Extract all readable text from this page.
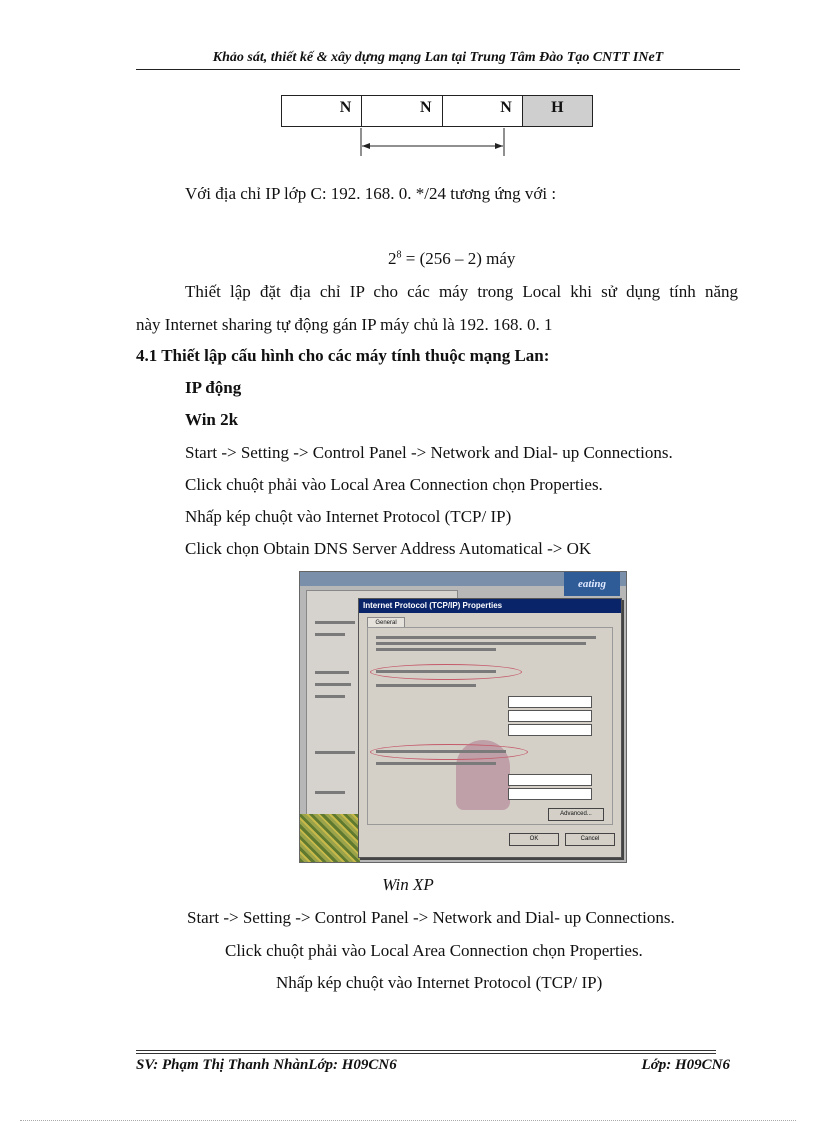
Khảo sát, thiết kế & xây dựng mạng Lan tại Trung Tâm Đào Tạo CNTT INeT
N	N	N	H
Với địa chỉ IP lớp C: 192. 168. 0. */24 tương ứng với :
$2^8 = (256 - 2)$ máy
Thiết lập đặt địa chỉ IP cho các máy trong Local khi sử dụng tính năng
này Internet sharing tự động gán IP máy chủ là 192. 168. 0. 1
4.1 Thiết lập cấu hình cho các máy tính thuộc mạng Lan:
IP động
Win 2k
Start -> Setting -> Control Panel -> Network and Dial- up Connections.
Click chuột phải vào Local Area Connection chọn Properties.
Nhấp kép chuột vào Internet Protocol (TCP/ IP)
Click chọn Obtain DNS Server Address Automatical -> OK
eating
Internet Protocol (TCP/IP) Properties
General
Advanced...
OK	Cancel
Win XP
Start -> Setting -> Control Panel -> Network and Dial- up Connections.
Click chuột phải vào Local Area Connection chọn Properties.
Nhấp kép chuột vào Internet Protocol (TCP/ IP)
SV: Phạm Thị Thanh NhànLớp: H09CN6	Lớp: H09CN6
